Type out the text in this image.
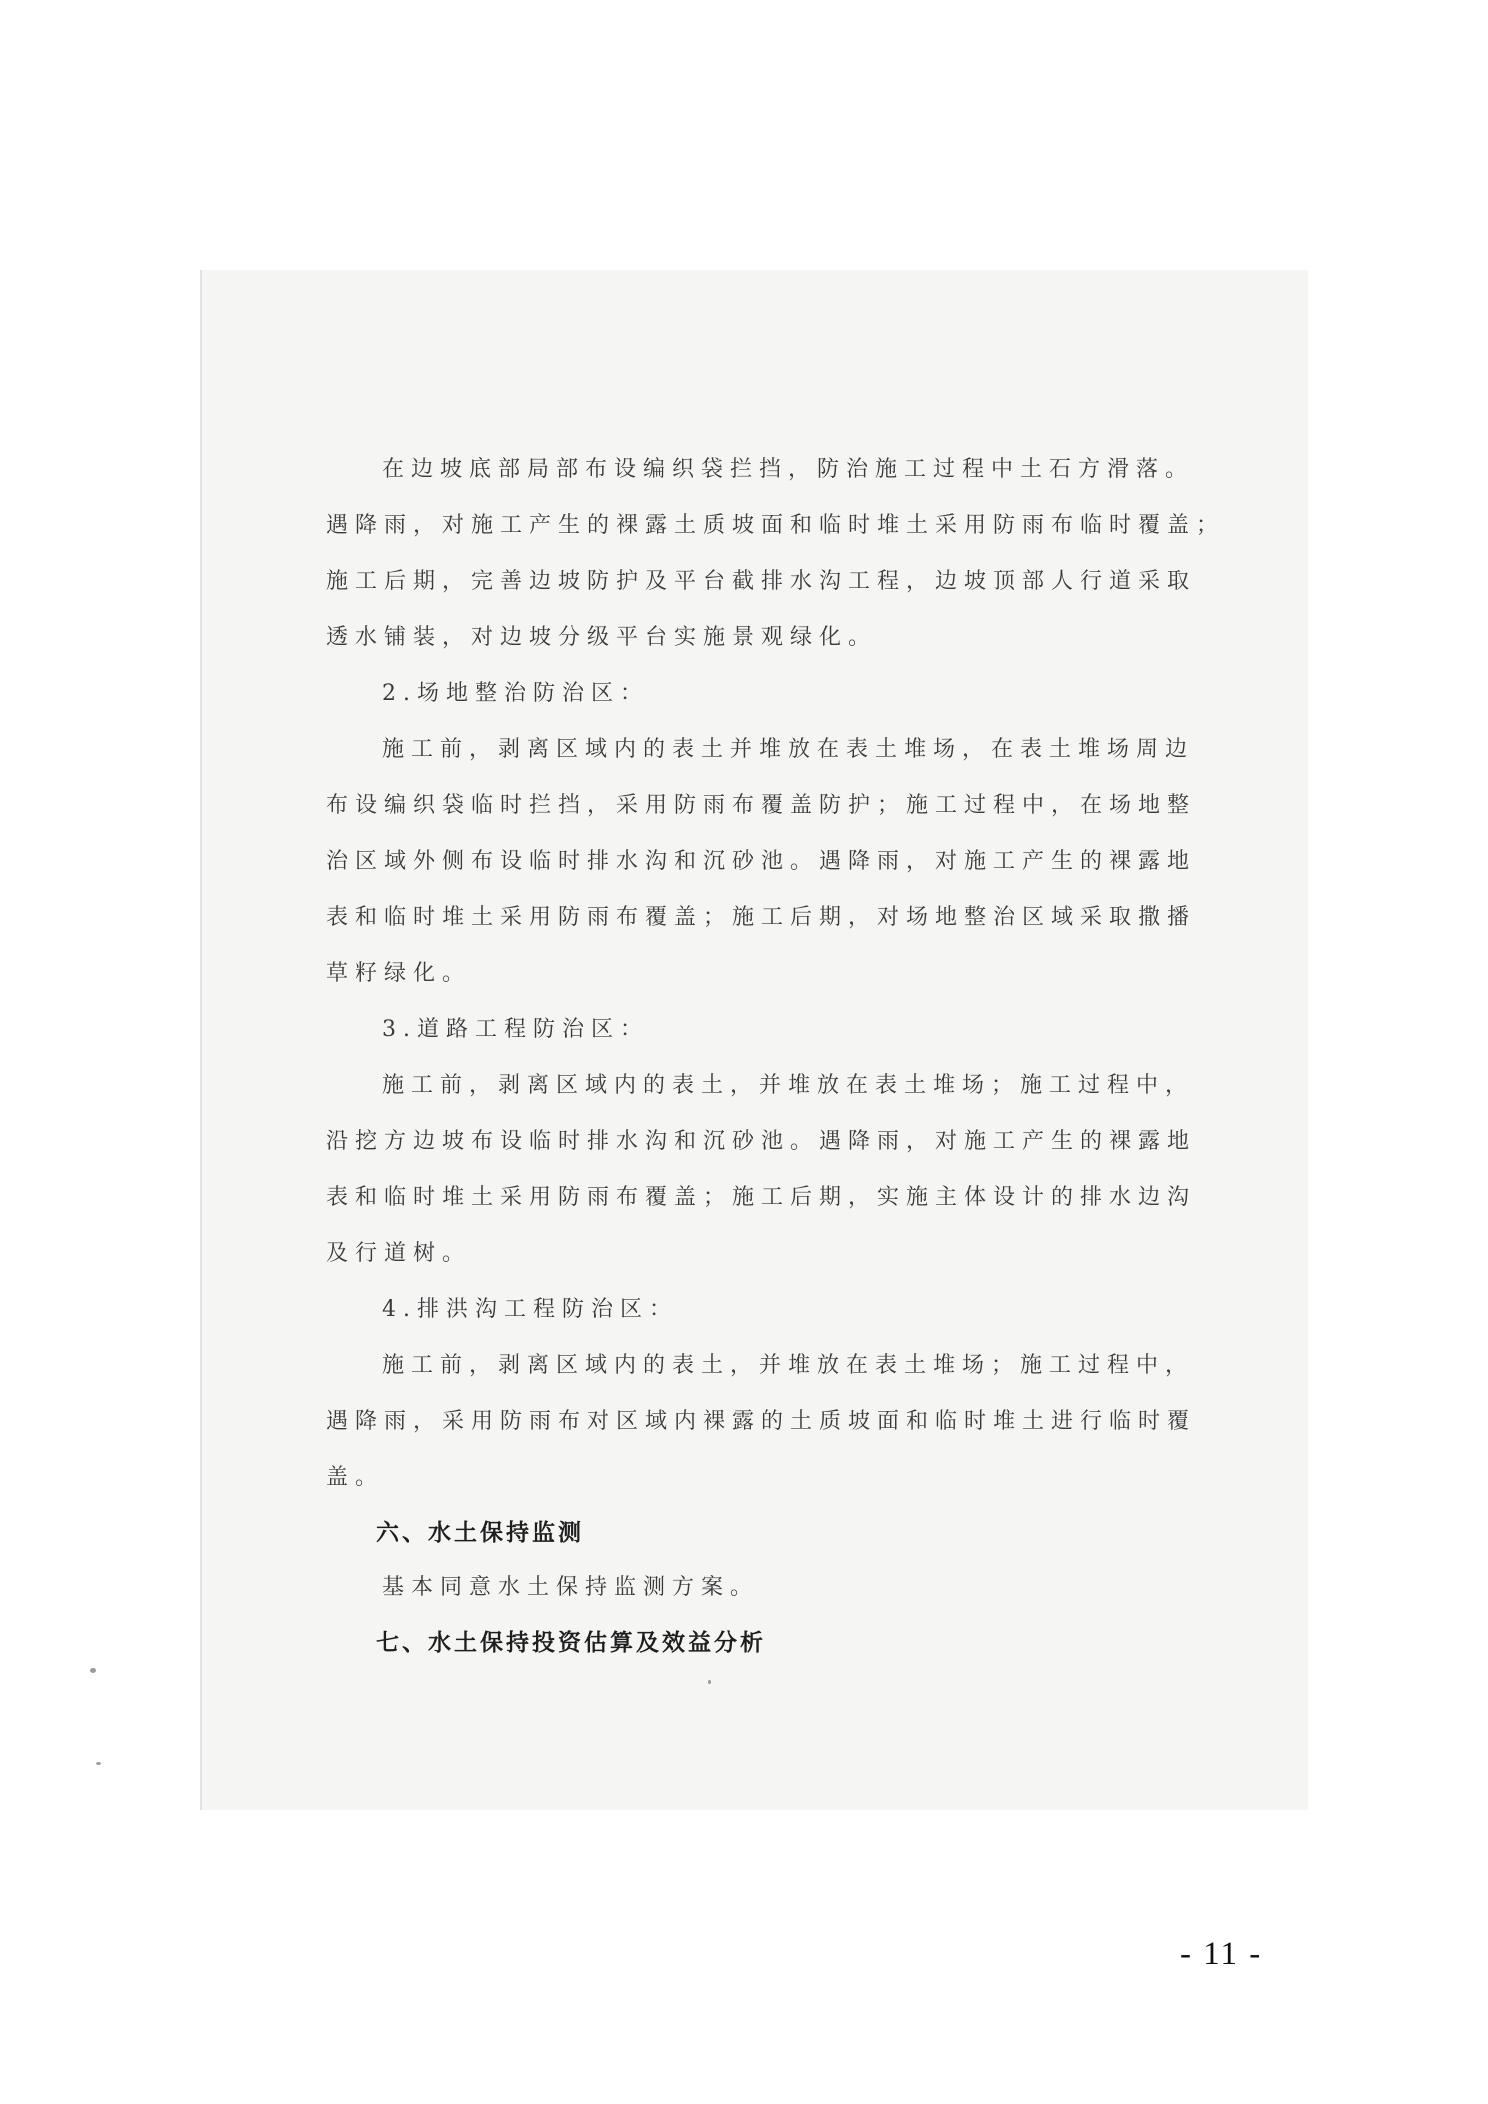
在边坡底部局部布设编织袋拦挡，防治施工过程中土石方滑落。
遇降雨，对施工产生的裸露土质坡面和临时堆土采用防雨布临时覆盖；
施工后期，完善边坡防护及平台截排水沟工程，边坡顶部人行道采取
透水铺装，对边坡分级平台实施景观绿化。
2.场地整治防治区：
施工前，剥离区域内的表土并堆放在表土堆场，在表土堆场周边
布设编织袋临时拦挡，采用防雨布覆盖防护；施工过程中，在场地整
治区域外侧布设临时排水沟和沉砂池。遇降雨，对施工产生的裸露地
表和临时堆土采用防雨布覆盖；施工后期，对场地整治区域采取撒播
草籽绿化。
3.道路工程防治区：
施工前，剥离区域内的表土，并堆放在表土堆场；施工过程中，
沿挖方边坡布设临时排水沟和沉砂池。遇降雨，对施工产生的裸露地
表和临时堆土采用防雨布覆盖；施工后期，实施主体设计的排水边沟
及行道树。
4.排洪沟工程防治区：
施工前，剥离区域内的表土，并堆放在表土堆场；施工过程中，
遇降雨，采用防雨布对区域内裸露的土质坡面和临时堆土进行临时覆
盖。
六、水土保持监测
基本同意水土保持监测方案。
七、水土保持投资估算及效益分析
- 11 -
